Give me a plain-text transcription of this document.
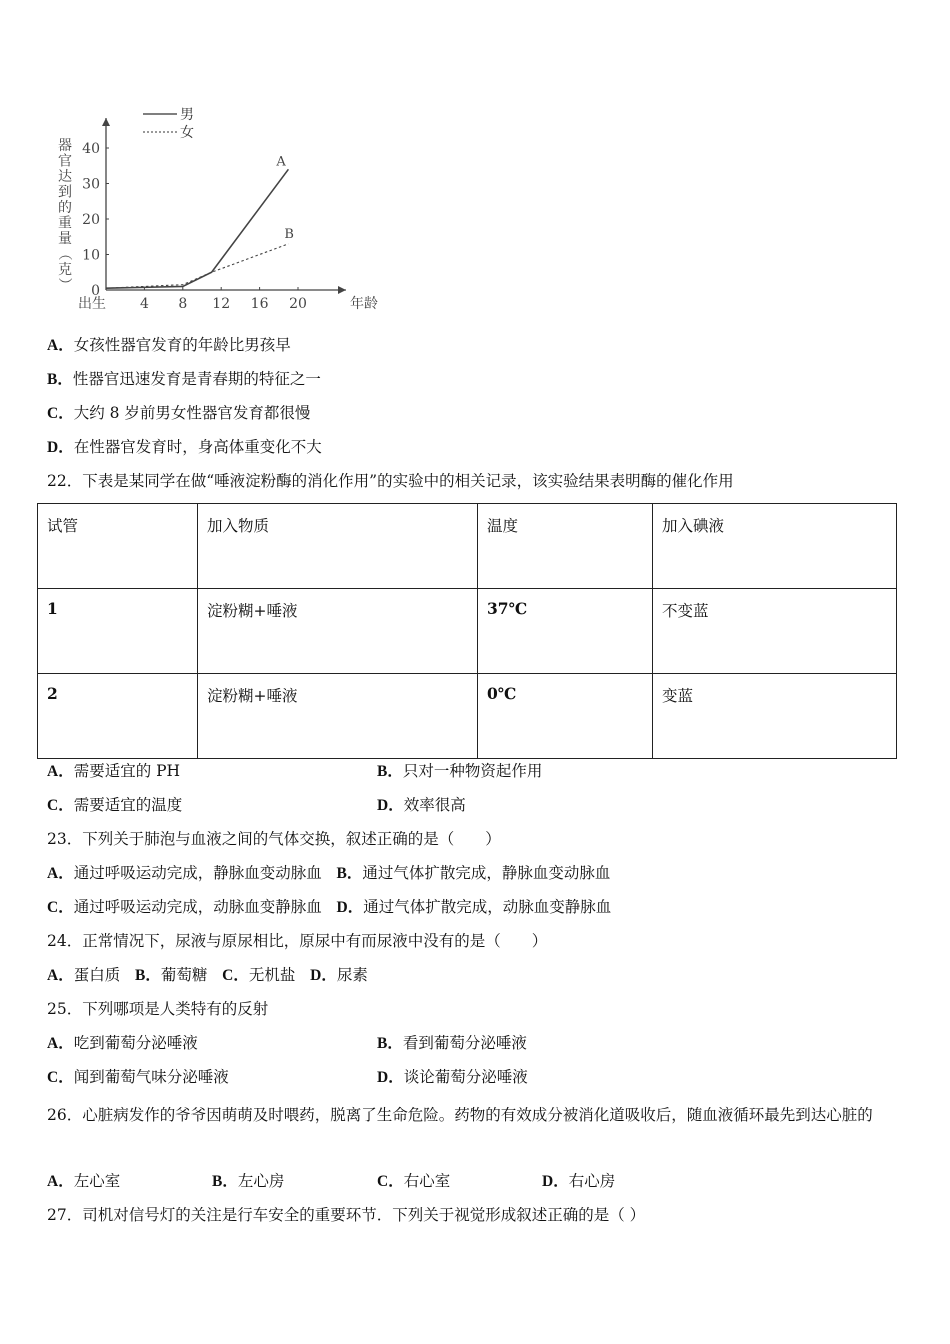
男
女
器
官
达
到
的
重
量
（
克
）
出生 4 8 12 16 20	年龄
0
10
20
30
40
A
B
A．女孩性器官发育的年龄比男孩早
B．性器官迅速发育是青春期的特征之一
C．大约 8 岁前男女性器官发育都很慢
D．在性器官发育时，身高体重变化不大
22．下表是某同学在做“唾液淀粉酶的消化作用”的实验中的相关记录，该实验结果表明酶的催化作用
试管	加入物质	温度	加入碘液
1	淀粉糊+唾液	37℃	不变蓝
2	淀粉糊+唾液	0℃	变蓝
A．需要适宜的 PH	B．只对一种物资起作用
C．需要适宜的温度	D．效率很高
23．下列关于肺泡与血液之间的气体交换，叙述正确的是（　　）
A．通过呼吸运动完成，静脉血变动脉血 B．通过气体扩散完成，静脉血变动脉血
C．通过呼吸运动完成，动脉血变静脉血 D．通过气体扩散完成，动脉血变静脉血
24．正常情况下，尿液与原尿相比，原尿中有而尿液中没有的是（　　）
A．蛋白质 B．葡萄糖 C．无机盐 D．尿素
25．下列哪项是人类特有的反射
A．吃到葡萄分泌唾液	B．看到葡萄分泌唾液
C．闻到葡萄气味分泌唾液	D．谈论葡萄分泌唾液
26．心脏病发作的爷爷因萌萌及时喂药，脱离了生命危险。药物的有效成分被消化道吸收后，随血液循环最先到达心脏的
A．左心室	B．左心房	C．右心室	D．右心房
27．司机对信号灯的关注是行车安全的重要环节．下列关于视觉形成叙述正确的是（ ）
